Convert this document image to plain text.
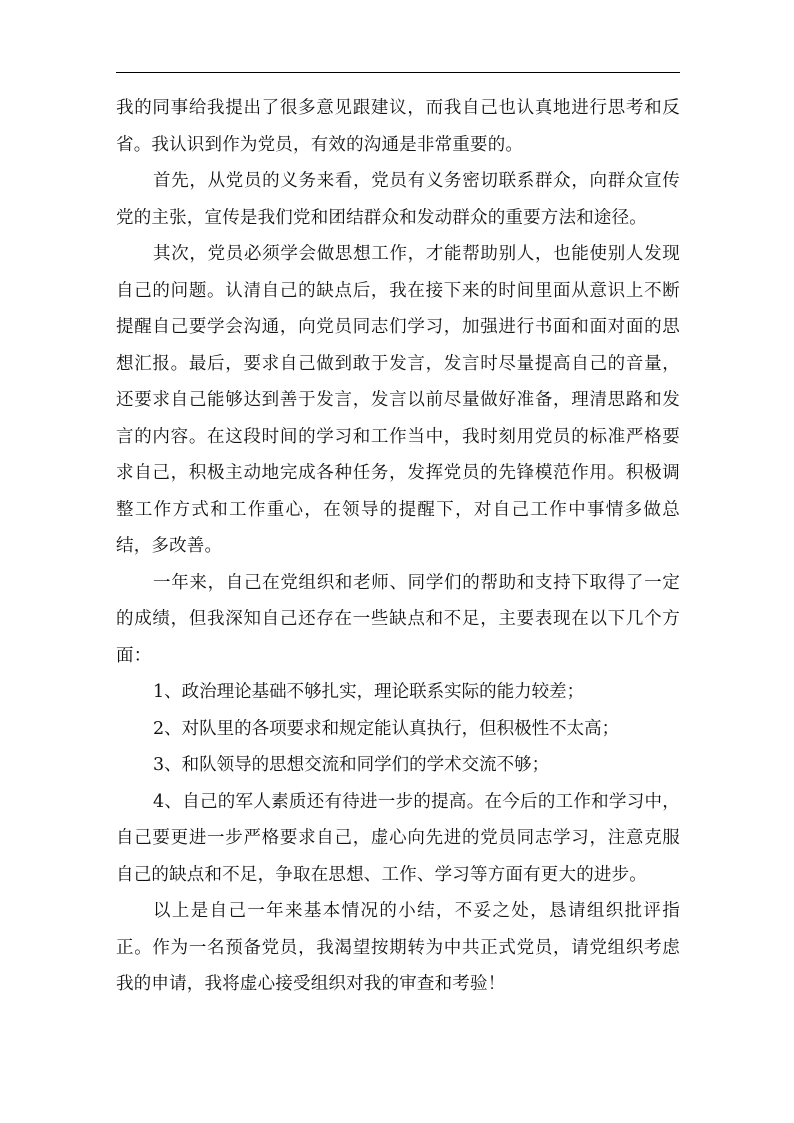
我的同事给我提出了很多意见跟建议，而我自己也认真地进行思考和反省。我认识到作为党员，有效的沟通是非常重要的。

首先，从党员的义务来看，党员有义务密切联系群众，向群众宣传党的主张，宣传是我们党和团结群众和发动群众的重要方法和途径。

其次，党员必须学会做思想工作，才能帮助别人，也能使别人发现自己的问题。认清自己的缺点后，我在接下来的时间里面从意识上不断提醒自己要学会沟通，向党员同志们学习，加强进行书面和面对面的思想汇报。最后，要求自己做到敢于发言，发言时尽量提高自己的音量，还要求自己能够达到善于发言，发言以前尽量做好准备，理清思路和发言的内容。在这段时间的学习和工作当中，我时刻用党员的标准严格要求自己，积极主动地完成各种任务，发挥党员的先锋模范作用。积极调整工作方式和工作重心，在领导的提醒下，对自己工作中事情多做总结，多改善。

一年来，自己在党组织和老师、同学们的帮助和支持下取得了一定的成绩，但我深知自己还存在一些缺点和不足，主要表现在以下几个方面：

1、政治理论基础不够扎实，理论联系实际的能力较差；

2、对队里的各项要求和规定能认真执行，但积极性不太高；

3、和队领导的思想交流和同学们的学术交流不够；

4、自己的军人素质还有待进一步的提高。在今后的工作和学习中，自己要更进一步严格要求自己，虚心向先进的党员同志学习，注意克服自己的缺点和不足，争取在思想、工作、学习等方面有更大的进步。

以上是自己一年来基本情况的小结，不妥之处，恳请组织批评指正。作为一名预备党员，我渴望按期转为中共正式党员，请党组织考虑我的申请，我将虚心接受组织对我的审查和考验！
